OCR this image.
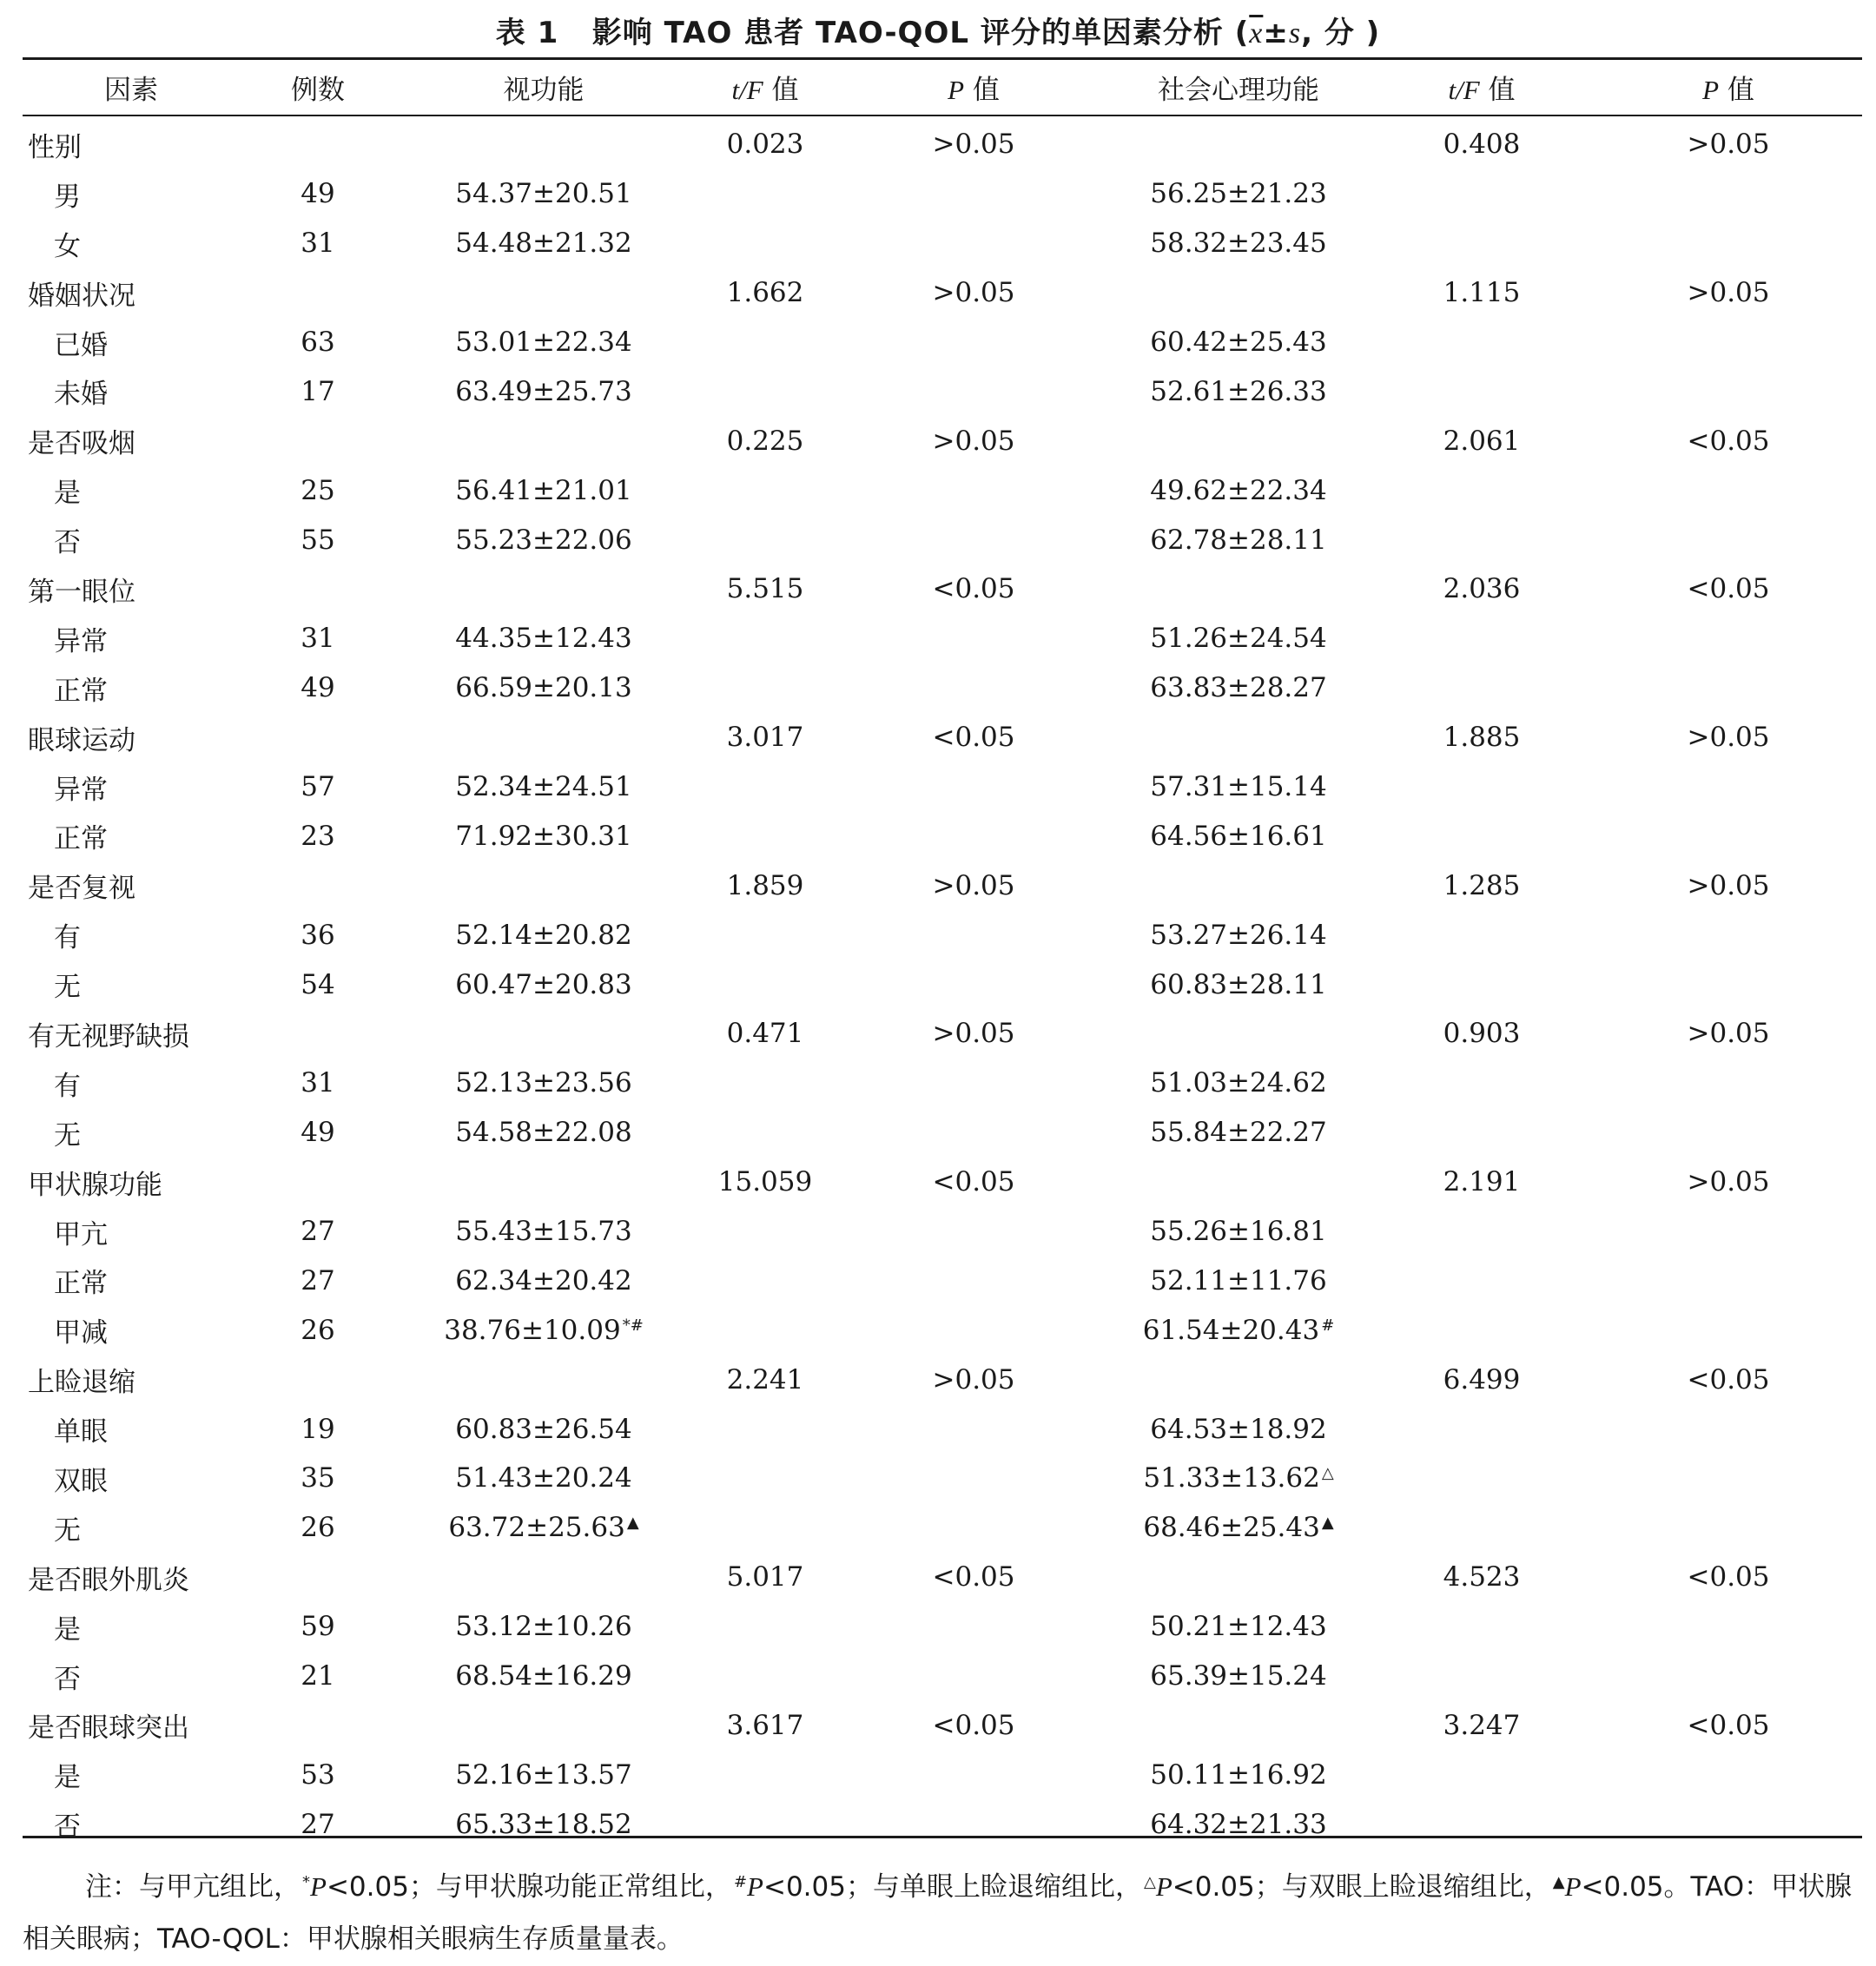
表 1 影响 TAO 患者 TAO-QOL 评分的单因素分析 ($\overline{x}\pm s$, 分 )
因素	例数	视功能	t/F 值	P 值	社会心理功能	t/F 值	P 值
性别			0.023	>0.05		0.408	>0.05
男	49	54.37±20.51			56.25±21.23		
女	31	54.48±21.32			58.32±23.45		
婚姻状况			1.662	>0.05		1.115	>0.05
已婚	63	53.01±22.34			60.42±25.43		
未婚	17	63.49±25.73			52.61±26.33		
是否吸烟			0.225	>0.05		2.061	<0.05
是	25	56.41±21.01			49.62±22.34		
否	55	55.23±22.06			62.78±28.11		
第一眼位			5.515	<0.05		2.036	<0.05
异常	31	44.35±12.43			51.26±24.54		
正常	49	66.59±20.13			63.83±28.27		
眼球运动			3.017	<0.05		1.885	>0.05
异常	57	52.34±24.51			57.31±15.14		
正常	23	71.92±30.31			64.56±16.61		
是否复视			1.859	>0.05		1.285	>0.05
有	36	52.14±20.82			53.27±26.14		
无	54	60.47±20.83			60.83±28.11		
有无视野缺损			0.471	>0.05		0.903	>0.05
有	31	52.13±23.56			51.03±24.62		
无	49	54.58±22.08			55.84±22.27		
甲状腺功能			15.059	<0.05		2.191	>0.05
甲亢	27	55.43±15.73			55.26±16.81		
正常	27	62.34±20.42			52.11±11.76		
甲减	26	38.76±10.09 *#			61.54±20.43 #		
上睑退缩			2.241	>0.05		6.499	<0.05
单眼	19	60.83±26.54			64.53±18.92		
双眼	35	51.43±20.24			51.33±13.62 △		
无	26	63.72±25.63 ▲			68.46±25.43 ▲		
是否眼外肌炎			5.017	<0.05		4.523	<0.05
是	59	53.12±10.26			50.21±12.43		
否	21	68.54±16.29			65.39±15.24		
是否眼球突出			3.617	<0.05		3.247	<0.05
是	53	52.16±13.57			50.11±16.92		
否	27	65.33±18.52			64.32±21.33		
注：与甲亢组比， *P<0.05；与甲状腺功能正常组比， #P<0.05；与单眼上睑退缩组比， △P<0.05；与双眼上睑退缩组比， ▲P<0.05。TAO：甲状腺相关眼病；TAO-QOL：甲状腺相关眼病生存质量量表。
